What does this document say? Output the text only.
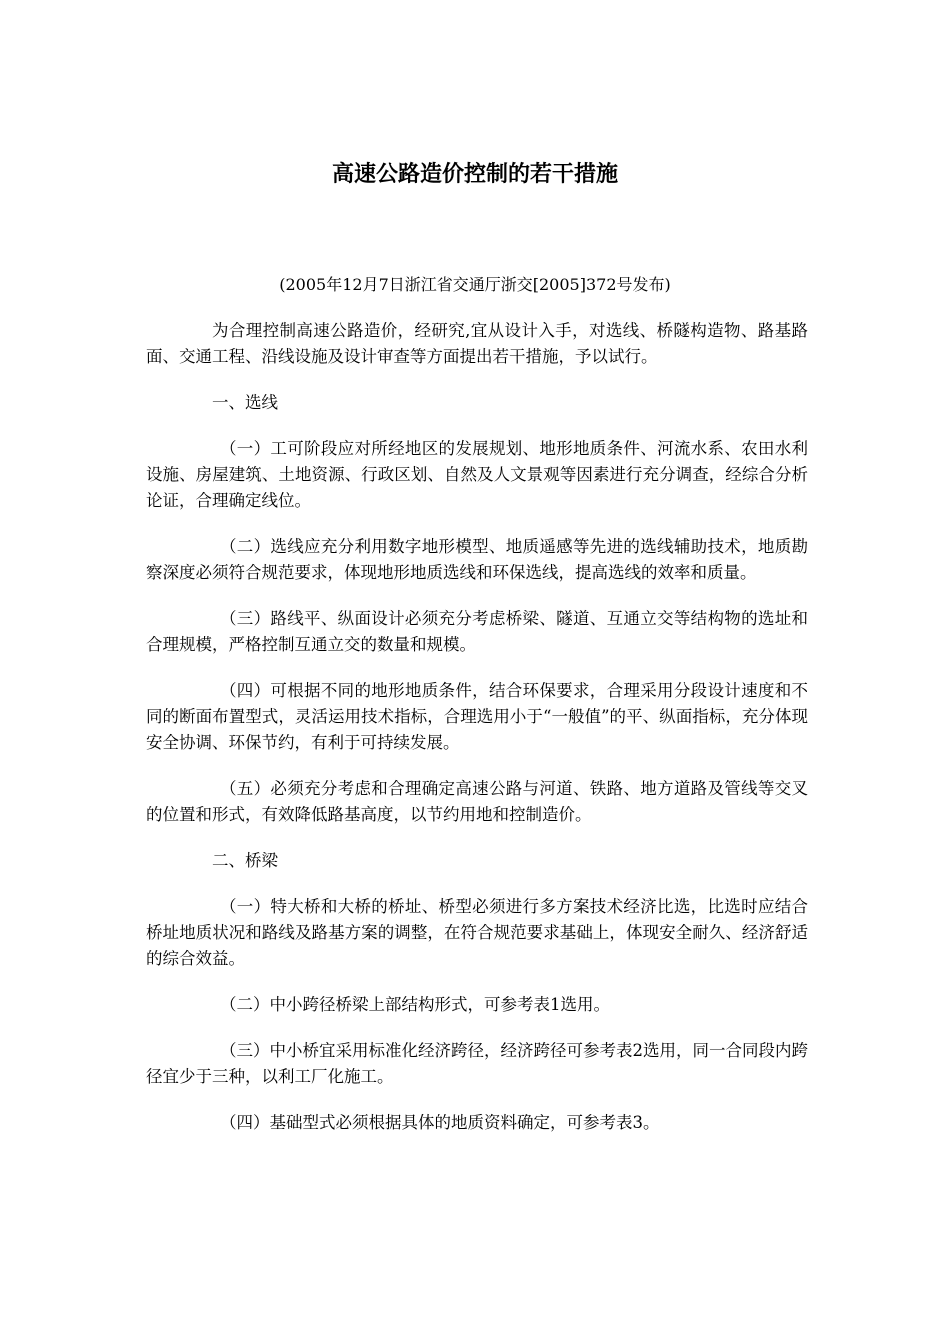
高速公路造价控制的若干措施
(2005年12月7日浙江省交通厅浙交[2005]372号发布)

为合理控制高速公路造价，经研究,宜从设计入手，对选线、桥隧构造物、路基路面、交通工程、沿线设施及设计审查等方面提出若干措施，予以试行。

一、选线

（一）工可阶段应对所经地区的发展规划、地形地质条件、河流水系、农田水利设施、房屋建筑、土地资源、行政区划、自然及人文景观等因素进行充分调查，经综合分析论证，合理确定线位。

（二）选线应充分利用数字地形模型、地质遥感等先进的选线辅助技术，地质勘察深度必须符合规范要求，体现地形地质选线和环保选线，提高选线的效率和质量。

（三）路线平、纵面设计必须充分考虑桥梁、隧道、互通立交等结构物的选址和合理规模，严格控制互通立交的数量和规模。

（四）可根据不同的地形地质条件，结合环保要求，合理采用分段设计速度和不同的断面布置型式，灵活运用技术指标，合理选用小于“一般值”的平、纵面指标，充分体现安全协调、环保节约，有利于可持续发展。

（五）必须充分考虑和合理确定高速公路与河道、铁路、地方道路及管线等交叉的位置和形式，有效降低路基高度，以节约用地和控制造价。

二、桥梁

（一）特大桥和大桥的桥址、桥型必须进行多方案技术经济比选，比选时应结合桥址地质状况和路线及路基方案的调整，在符合规范要求基础上，体现安全耐久、经济舒适的综合效益。

（二）中小跨径桥梁上部结构形式，可参考表1选用。

（三）中小桥宜采用标准化经济跨径，经济跨径可参考表2选用，同一合同段内跨径宜少于三种，以利工厂化施工。

（四）基础型式必须根据具体的地质资料确定，可参考表3。
